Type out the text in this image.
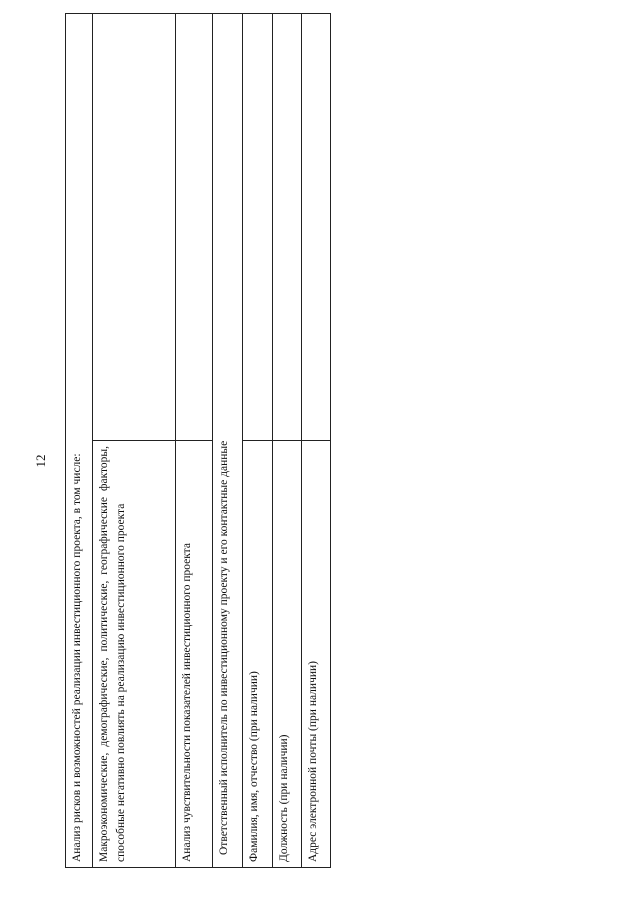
12 Анализ рисков и возможностей реализации инвестиционного проекта, в том числе:	
Макроэкономические, демографические, политические, географические факторы, способные негативно повлиять на реализацию инвестиционного проекта	
Анализ чувствительности показателей инвестиционного проекта	
Ответственный исполнитель по инвестиционному проекту и его контактные данные	
Фамилия, имя, отчество (при наличии)	
Должность (при наличии)	
Адрес электронной почты (при наличии)	
